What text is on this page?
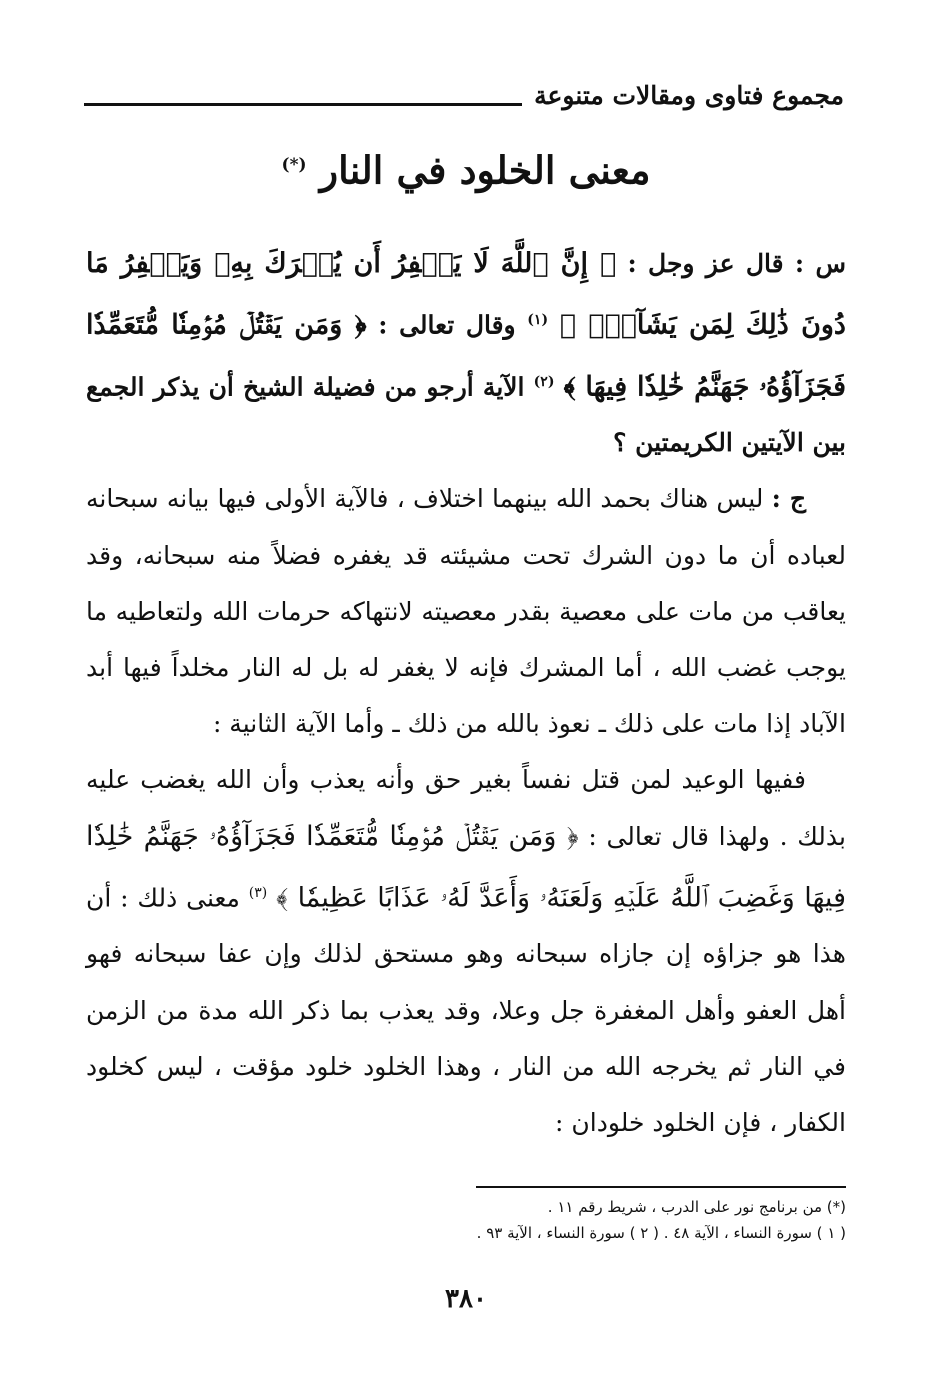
مجموع فتاوى ومقالات متنوعة
معنى الخلود في النار (*)

س : قال عز وجل : ﴿ إِنَّ ٱللَّهَ لَا يَغۡفِرُ أَن يُشۡرَكَ بِهِۦ وَيَغۡفِرُ مَا دُونَ ذَٰلِكَ لِمَن يَشَآءُۚ ﴾ $^{(١)}$ وقال تعالى : ﴿ وَمَن يَقۡتُلۡ مُؤۡمِنٗا مُّتَعَمِّدٗا فَجَزَآؤُهُۥ جَهَنَّمُ خَٰلِدٗا فِيهَا ﴾ $^{(٢)}$ الآية أرجو من فضيلة الشيخ أن يذكر الجمع بين الآيتين الكريمتين ؟

ج : ليس هناك بحمد الله بينهما اختلاف ، فالآية الأولى فيها بيانه سبحانه لعباده أن ما دون الشرك تحت مشيئته قد يغفره فضلاً منه سبحانه، وقد يعاقب من مات على معصية بقدر معصيته لانتهاكه حرمات الله ولتعاطيه ما يوجب غضب الله ، أما المشرك فإنه لا يغفر له بل له النار مخلداً فيها أبد الآباد إذا مات على ذلك ـ نعوذ بالله من ذلك ـ وأما الآية الثانية :

ففيها الوعيد لمن قتل نفساً بغير حق وأنه يعذب وأن الله يغضب عليه بذلك . ولهذا قال تعالى : ﴿ وَمَن يَقۡتُلۡ مُؤۡمِنٗا مُّتَعَمِّدٗا فَجَزَآؤُهُۥ جَهَنَّمُ خَٰلِدٗا فِيهَا وَغَضِبَ ٱللَّهُ عَلَيۡهِ وَلَعَنَهُۥ وَأَعَدَّ لَهُۥ عَذَابًا عَظِيمٗا ﴾ $^{(٣)}$ معنى ذلك : أن هذا هو جزاؤه إن جازاه سبحانه وهو مستحق لذلك وإن عفا سبحانه فهو أهل العفو وأهل المغفرة جل وعلا، وقد يعذب بما ذكر الله مدة من الزمن في النار ثم يخرجه الله من النار ، وهذا الخلود خلود مؤقت ، ليس كخلود الكفار ، فإن الخلود خلودان :

(*) من برنامج نور على الدرب ، شريط رقم ١١ .
( ١ ) سورة النساء ، الآية ٤٨ . ( ٢ ) سورة النساء ، الآية ٩٣ .
٣٨٠
